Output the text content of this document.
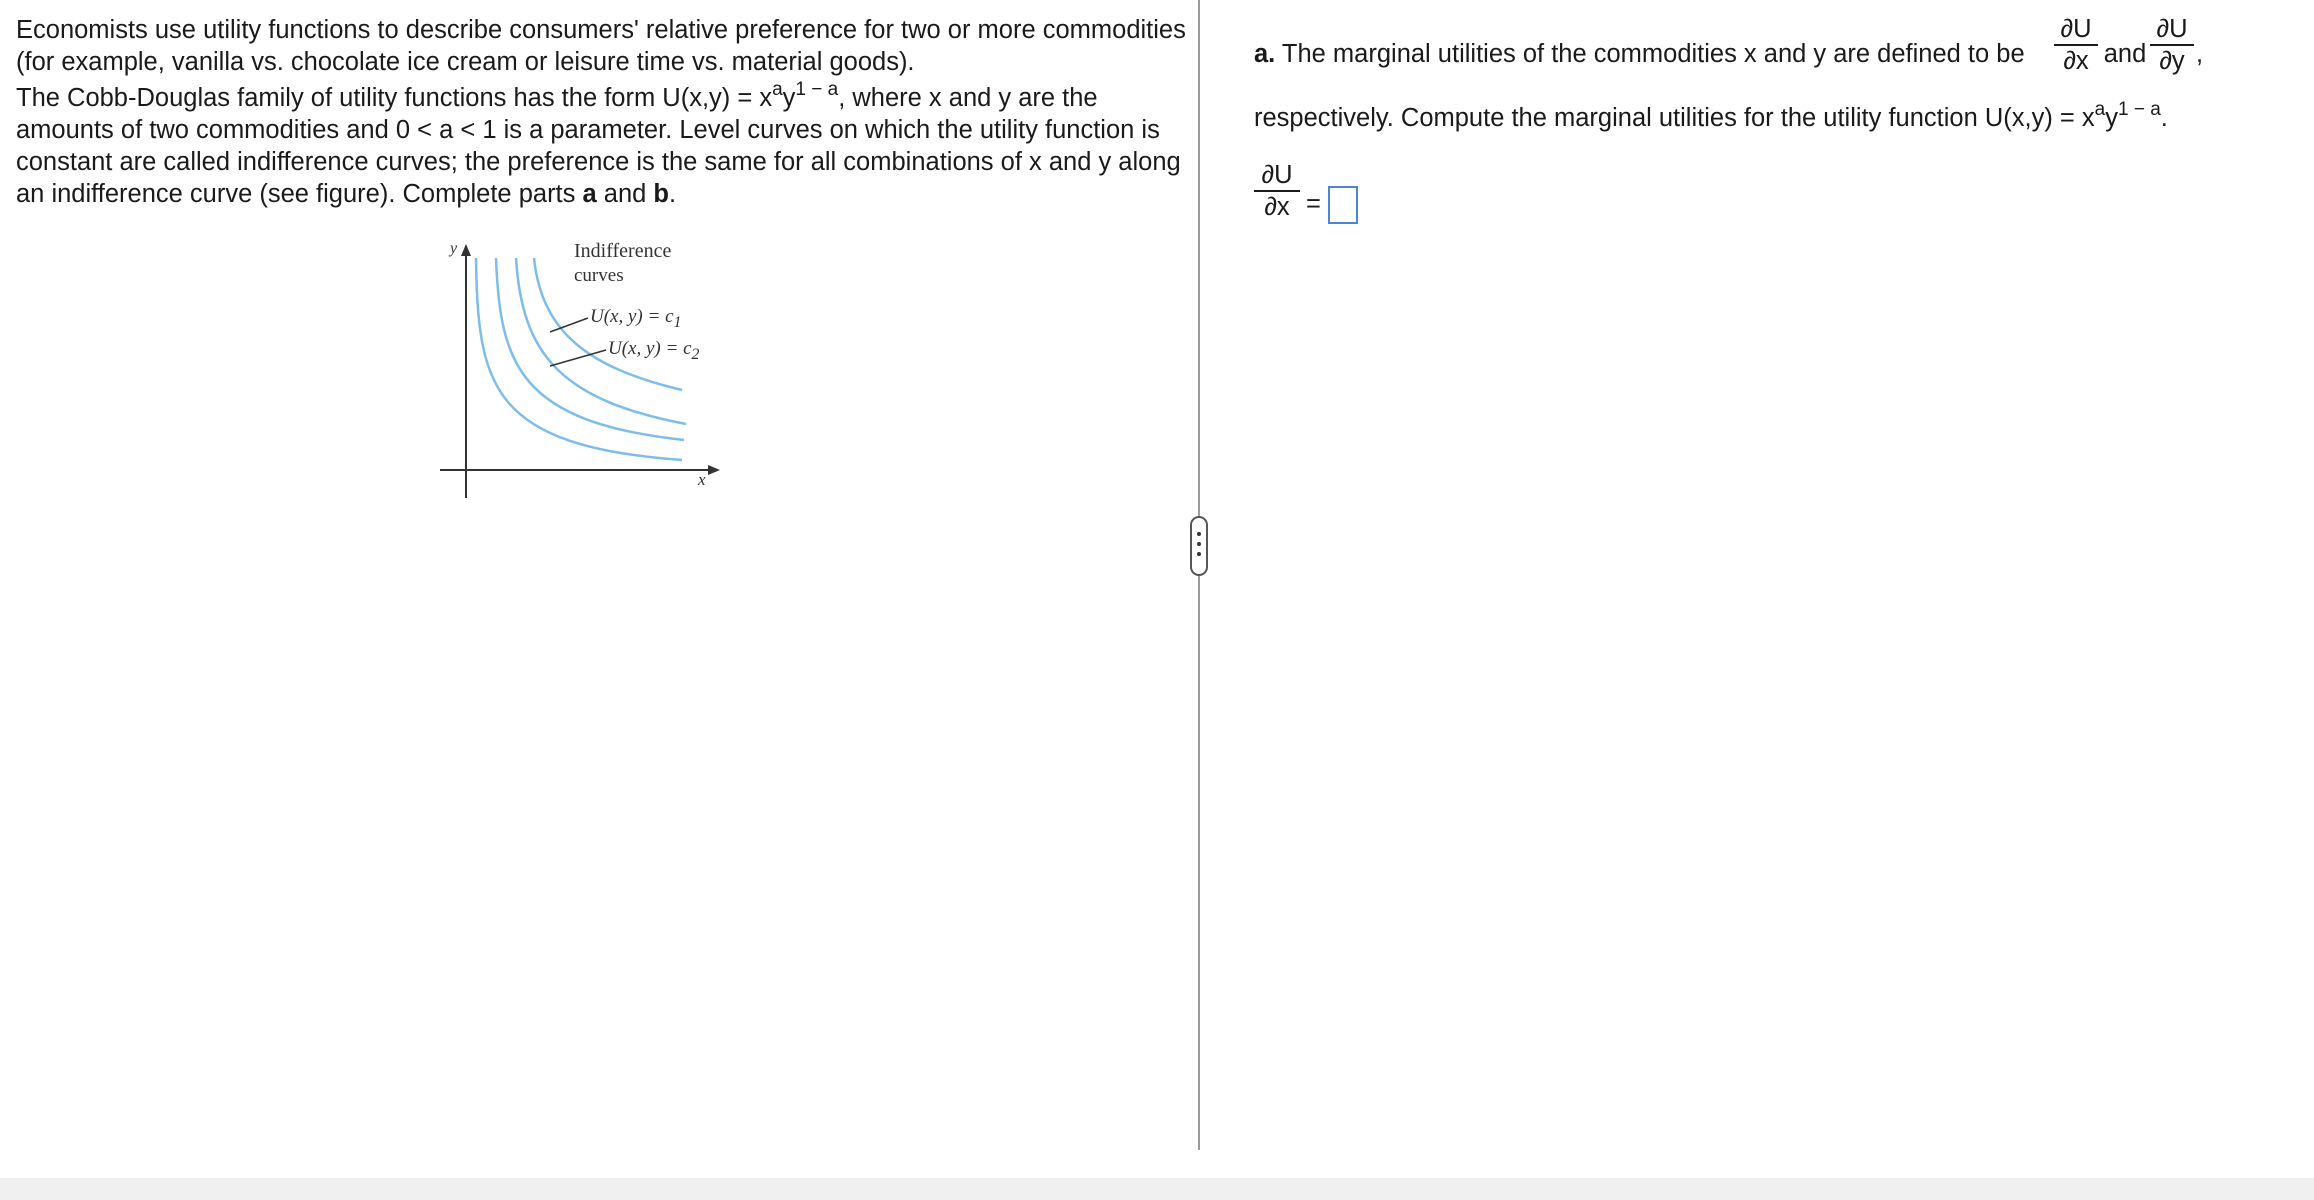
Economists use utility functions to describe consumers' relative preference for two or more commodities (for example, vanilla vs. chocolate ice cream or leisure time vs. material goods).

The Cobb-Douglas family of utility functions has the form $U(x,y) = x^ay^{1 - a}$, where x and y are the amounts of two commodities and 0 < a < 1 is a parameter. Level curves on which the utility function is constant are called indifference curves; the preference is the same for all combinations of x and y along an indifference curve (see figure). Complete parts a and b.

y
x
Indifference
curves
U(x, $y) = c_1$
U(x, $y) = c_2$
a. The marginal utilities of the commodities x and y are defined to be
∂U
∂x and
∂U
∂y ,
respectively. Compute the marginal utilities for the utility function $U(x,y) = x^ay^{1 - a}$.
∂U
∂x =
